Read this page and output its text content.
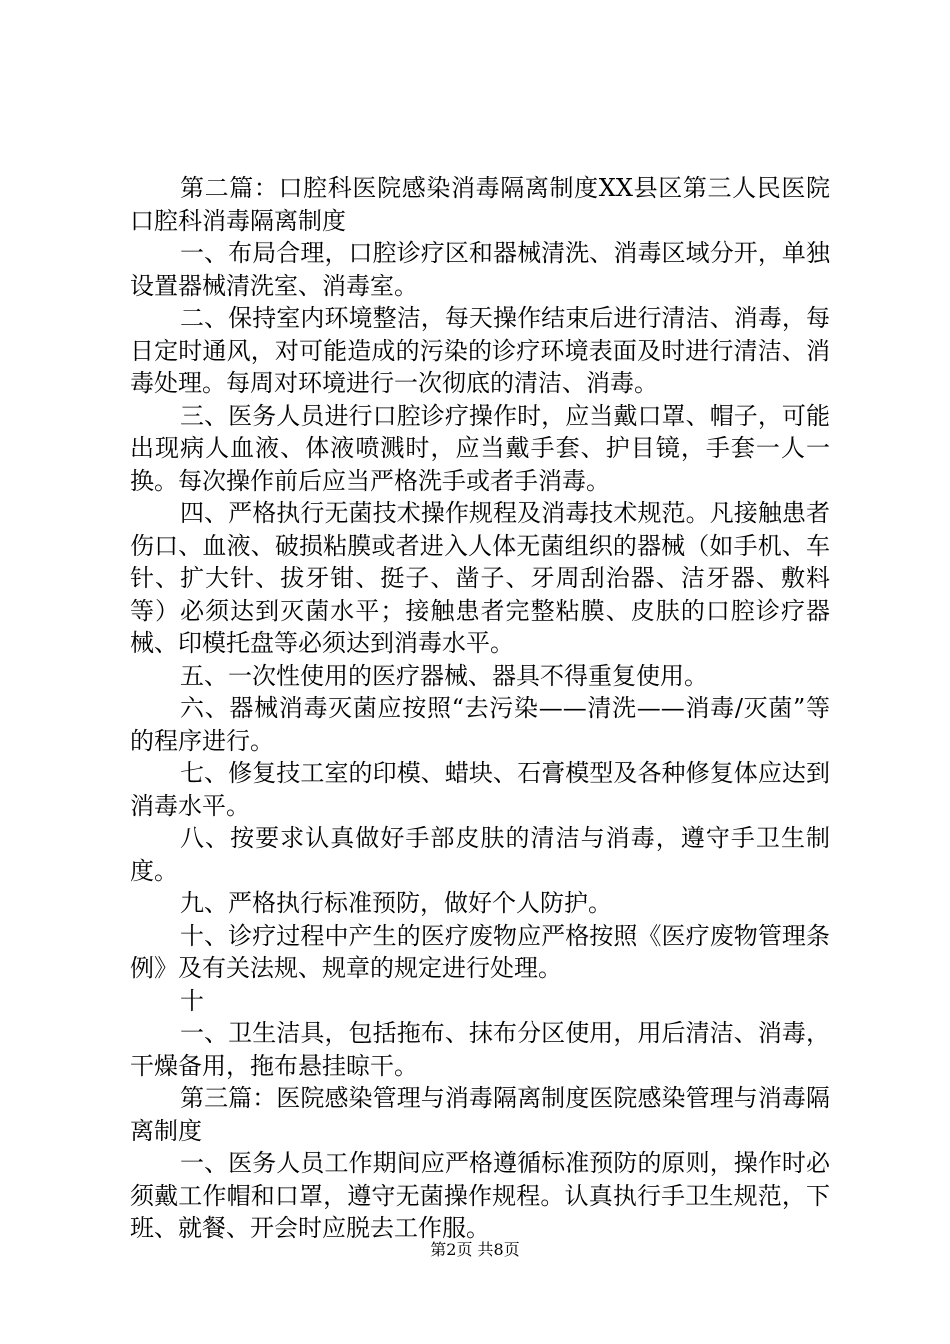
第二篇：口腔科医院感染消毒隔离制度XX县区第三人民医院口腔科消毒隔离制度

一、布局合理，口腔诊疗区和器械清洗、消毒区域分开，单独设置器械清洗室、消毒室。

二、保持室内环境整洁，每天操作结束后进行清洁、消毒，每日定时通风，对可能造成的污染的诊疗环境表面及时进行清洁、消毒处理。每周对环境进行一次彻底的清洁、消毒。

三、医务人员进行口腔诊疗操作时，应当戴口罩、帽子，可能出现病人血液、体液喷溅时，应当戴手套、护目镜，手套一人一换。每次操作前后应当严格洗手或者手消毒。

四、严格执行无菌技术操作规程及消毒技术规范。凡接触患者伤口、血液、破损粘膜或者进入人体无菌组织的器械（如手机、车针、扩大针、拔牙钳、挺子、凿子、牙周刮治器、洁牙器、敷料等）必须达到灭菌水平；接触患者完整粘膜、皮肤的口腔诊疗器械、印模托盘等必须达到消毒水平。

五、一次性使用的医疗器械、器具不得重复使用。

六、器械消毒灭菌应按照“去污染——清洗——消毒/灭菌”等的程序进行。

七、修复技工室的印模、蜡块、石膏模型及各种修复体应达到消毒水平。

八、按要求认真做好手部皮肤的清洁与消毒，遵守手卫生制度。

九、严格执行标准预防，做好个人防护。

十、诊疗过程中产生的医疗废物应严格按照《医疗废物管理条例》及有关法规、规章的规定进行处理。

十

一、卫生洁具，包括拖布、抹布分区使用，用后清洁、消毒，干燥备用，拖布悬挂晾干。

第三篇：医院感染管理与消毒隔离制度医院感染管理与消毒隔离制度

一、医务人员工作期间应严格遵循标准预防的原则，操作时必须戴工作帽和口罩，遵守无菌操作规程。认真执行手卫生规范，下班、就餐、开会时应脱去工作服。

第2页 共8页
